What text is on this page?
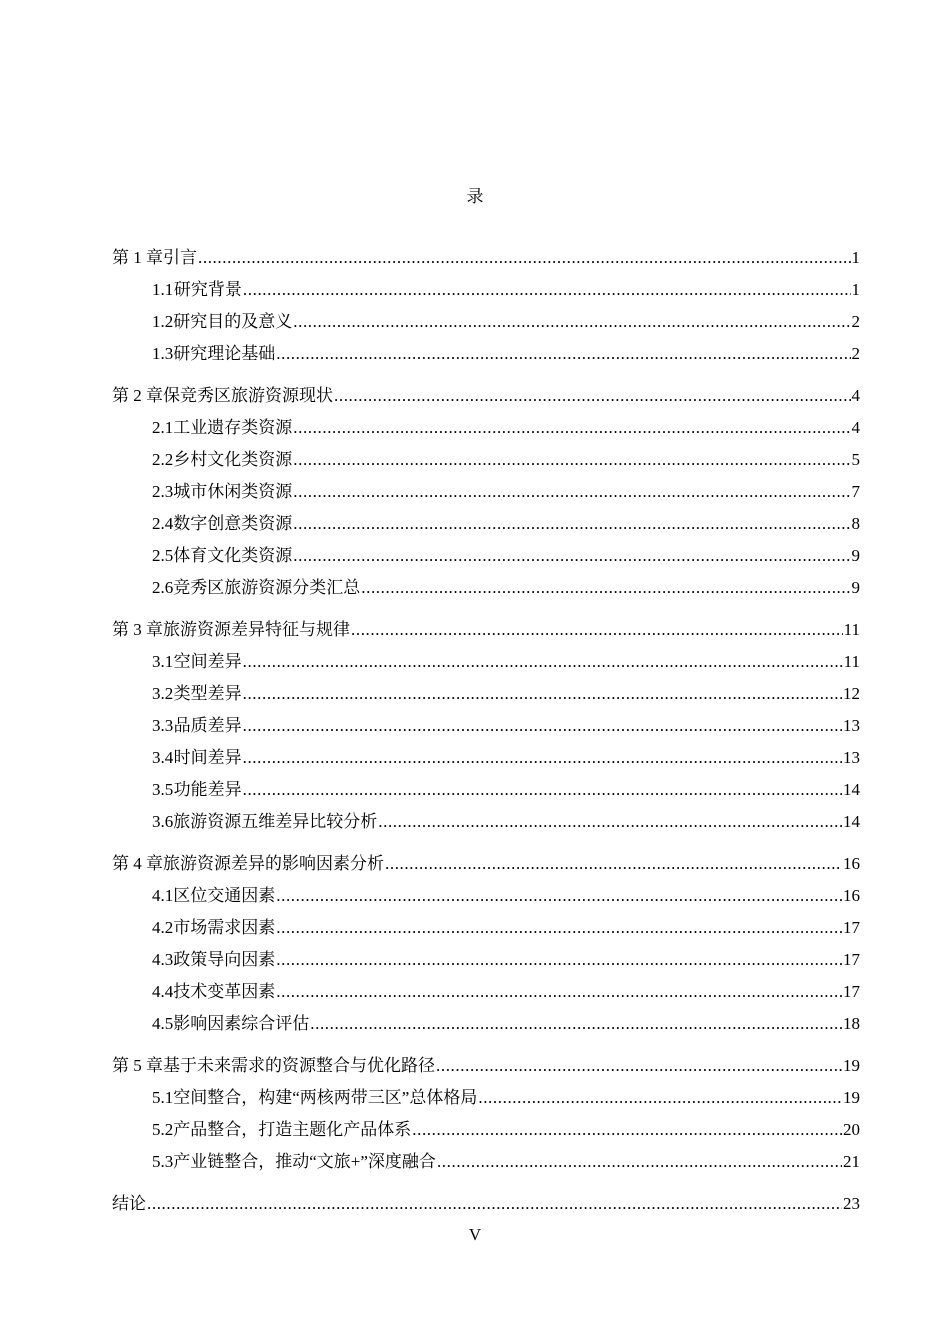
录
第 1 章 引言 .....	1
1.1 研究背景 .....	1
1.2 研究目的及意义 .....	2
1.3 研究理论基础 .....	2
第 2 章 保竞秀区旅游资源现状 .....	4
2.1 工业遗存类资源 .....	4
2.2 乡村文化类资源 .....	5
2.3 城市休闲类资源 .....	7
2.4 数字创意类资源 .....	8
2.5 体育文化类资源 .....	9
2.6 竞秀区旅游资源分类汇总 .....	9
第 3 章 旅游资源差异特征与规律 .....	11
3.1 空间差异 .....	11
3.2 类型差异 .....	12
3.3 品质差异 .....	13
3.4 时间差异 .....	13
3.5 功能差异 .....	14
3.6 旅游资源五维差异比较分析 .....	14
第 4 章 旅游资源差异的影响因素分析 .....	16
4.1 区位交通因素 .....	16
4.2 市场需求因素 .....	17
4.3 政策导向因素 .....	17
4.4 技术变革因素 .....	17
4.5 影响因素综合评估 .....	18
第 5 章 基于未来需求的资源整合与优化路径 .....	19
5.1 空间整合，构建“两核两带三区”总体格局 .....	19
5.2 产品整合，打造主题化产品体系 .....	20
5.3 产业链整合，推动“文旅+”深度融合 .....	21
结论 .....	23
V
